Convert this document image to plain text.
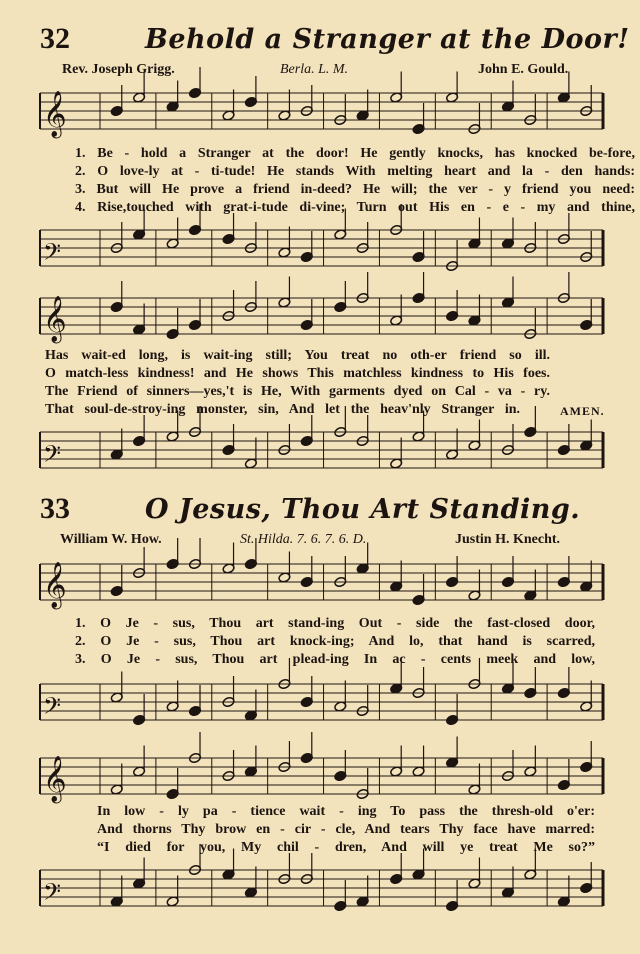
32	Behold a Stranger at the Door!
Rev. Joseph Grigg.	Berla. L. M.	John E. Gould.
𝄞
1. Be - hold a Stranger at the door! He gently knocks, has knocked be-fore,
2. O love-ly at - ti-tude! He stands With melting heart and la - den hands:
3. But will He prove a friend in-deed? He will; the ver - y friend you need:
4. Rise,touched with grat-i-tude di-vine; Turn out His en - e - my and thine,
𝄢
𝄞
Has wait-ed long, is wait-ing still; You treat no oth-er friend so ill.
O match-less kindness! and He shows This matchless kindness to His foes.
The Friend of sinners—yes,'t is He, With garments dyed on Cal - va - ry.
That soul-de-stroy-ing monster, sin, And let the heav'nly Stranger in.	AMEN.
𝄢
33	O Jesus, Thou Art Standing.
William W. How.	St. Hilda. 7. 6. 7. 6. D.	Justin H. Knecht.
𝄞
1. O Je - sus, Thou art stand-ing Out - side the fast-closed door,
2. O Je - sus, Thou art knock-ing; And lo, that hand is scarred,
3. O Je - sus, Thou art plead-ing In ac - cents meek and low,
𝄢
𝄞
In low - ly pa - tience wait - ing To pass the thresh-old o'er:
And thorns Thy brow en - cir - cle, And tears Thy face have marred:
“I died for you, My chil - dren, And will ye treat Me so?”
𝄢
